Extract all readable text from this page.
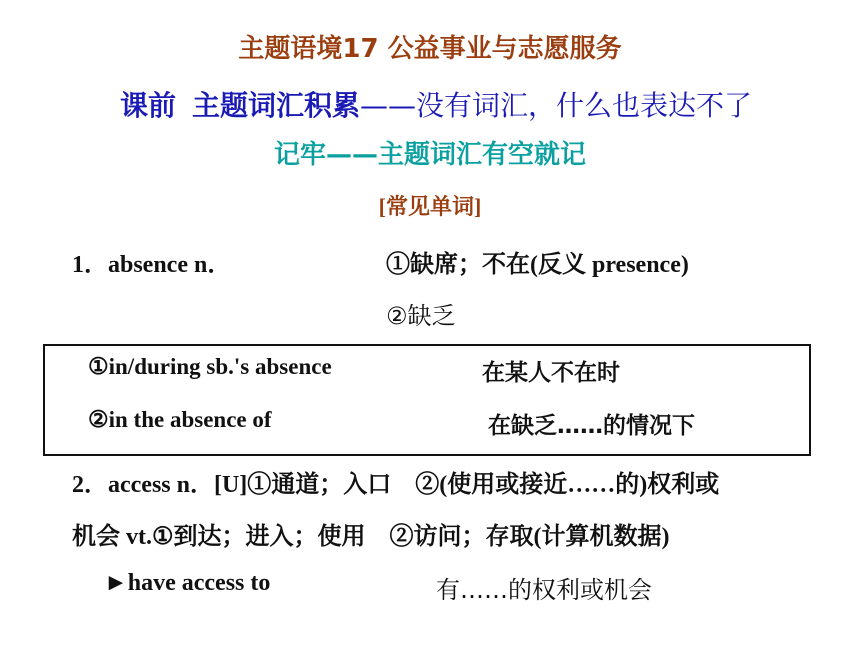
主题语境17 公益事业与志愿服务
课前 主题词汇积累——没有词汇，什么也表达不了
记牢——主题词汇有空就记
[常见单词]
1．absence n．	①缺席；不在(反义 presence)
②缺乏
①in/during sb.'s absence	在某人不在时
②in the absence of	在缺乏……的情况下
2．access n．[U]①通道；入口　②(使用或接近……的)权利或
机会 vt.①到达；进入；使用　②访问；存取(计算机数据)
►have access to	有……的权利或机会
